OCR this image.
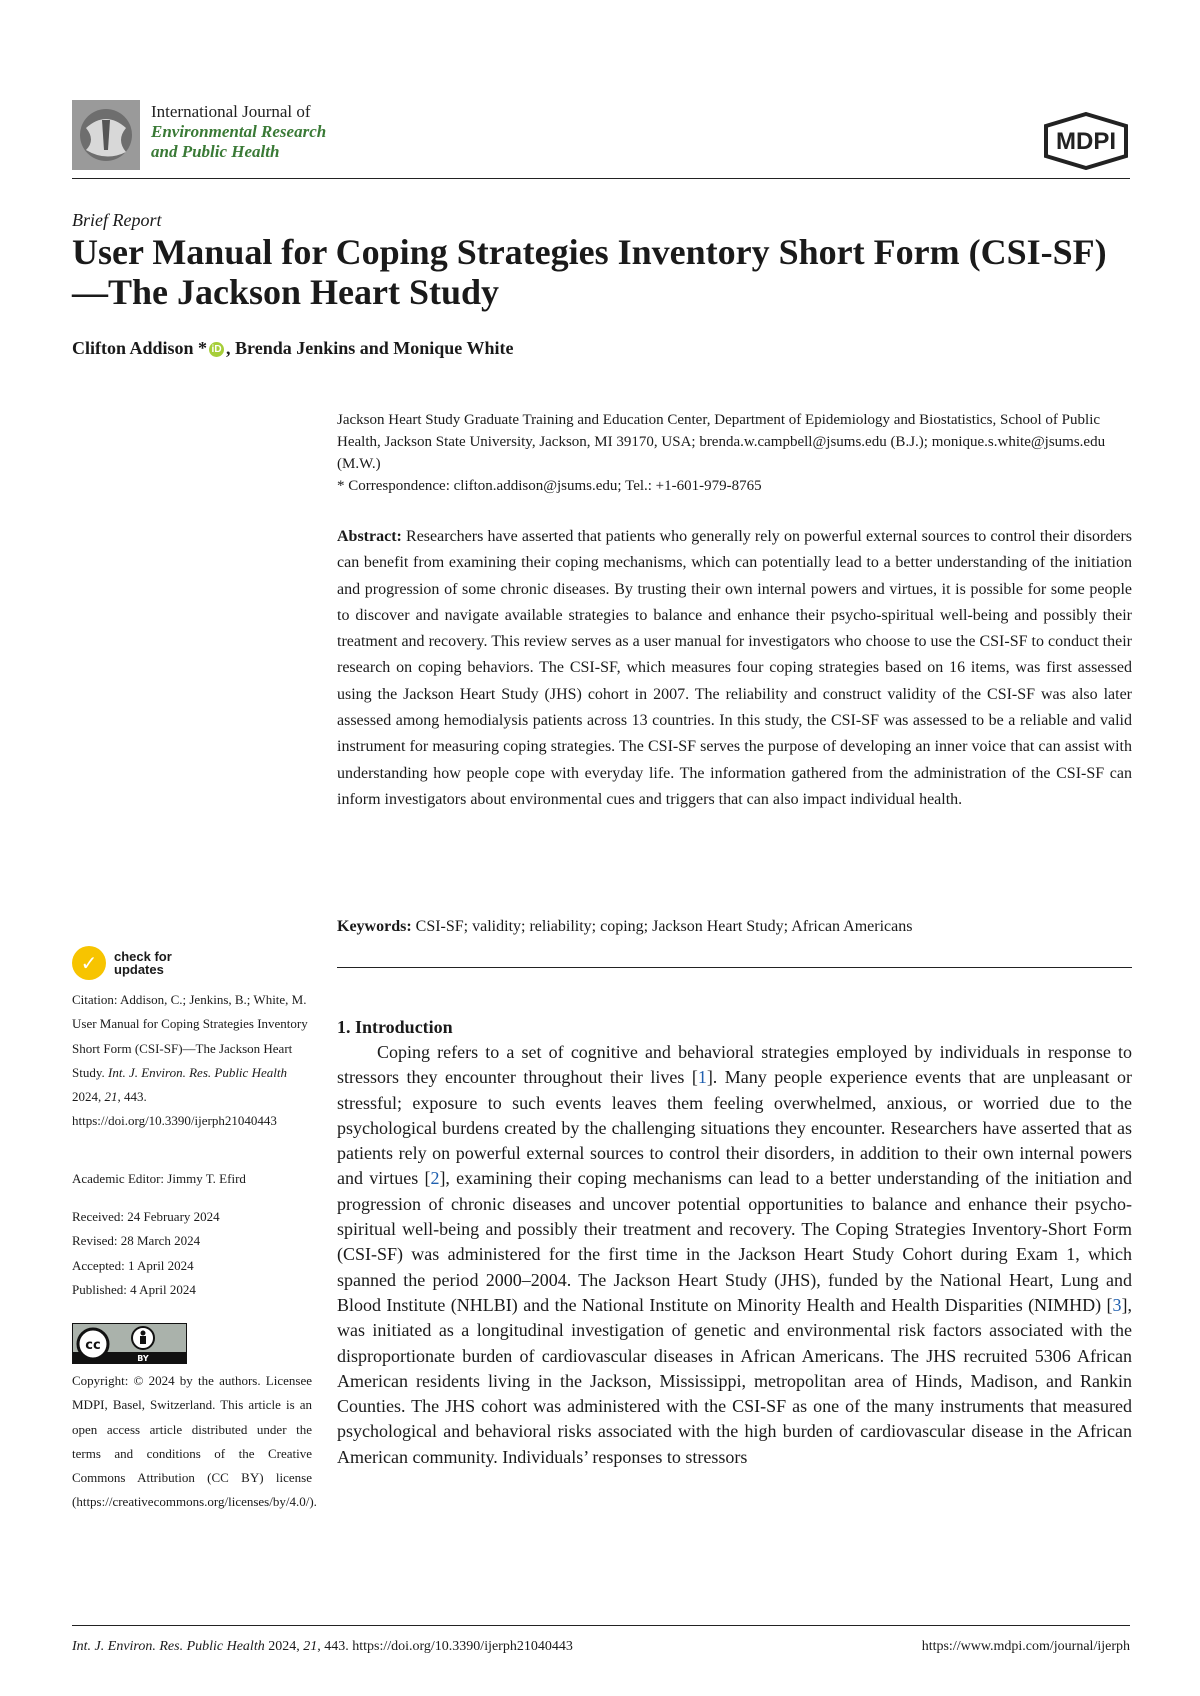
International Journal of
Environmental Research
and Public Health	MDPI
Brief Report
User Manual for Coping Strategies Inventory Short Form (CSI-SF)—The Jackson Heart Study
Clifton Addison * iD , Brenda Jenkins and Monique White
Jackson Heart Study Graduate Training and Education Center, Department of Epidemiology and Biostatistics, School of Public Health, Jackson State University, Jackson, MI 39170, USA; brenda.w.campbell@jsums.edu (B.J.); monique.s.white@jsums.edu (M.W.)
* Correspondence: clifton.addison@jsums.edu; Tel.: +1-601-979-8765
Abstract: Researchers have asserted that patients who generally rely on powerful external sources to control their disorders can benefit from examining their coping mechanisms, which can potentially lead to a better understanding of the initiation and progression of some chronic diseases. By trusting their own internal powers and virtues, it is possible for some people to discover and navigate available strategies to balance and enhance their psycho-spiritual well-being and possibly their treatment and recovery. This review serves as a user manual for investigators who choose to use the CSI-SF to conduct their research on coping behaviors. The CSI-SF, which measures four coping strategies based on 16 items, was first assessed using the Jackson Heart Study (JHS) cohort in 2007. The reliability and construct validity of the CSI-SF was also later assessed among hemodialysis patients across 13 countries. In this study, the CSI-SF was assessed to be a reliable and valid instrument for measuring coping strategies. The CSI-SF serves the purpose of developing an inner voice that can assist with understanding how people cope with everyday life. The information gathered from the administration of the CSI-SF can inform investigators about environmental cues and triggers that can also impact individual health.
Keywords: CSI-SF; validity; reliability; coping; Jackson Heart Study; African Americans
1. Introduction
Coping refers to a set of cognitive and behavioral strategies employed by individuals in response to stressors they encounter throughout their lives [1]. Many people experience events that are unpleasant or stressful; exposure to such events leaves them feeling overwhelmed, anxious, or worried due to the psychological burdens created by the challenging situations they encounter. Researchers have asserted that as patients rely on powerful external sources to control their disorders, in addition to their own internal powers and virtues [2], examining their coping mechanisms can lead to a better understanding of the initiation and progression of chronic diseases and uncover potential opportunities to balance and enhance their psycho-spiritual well-being and possibly their treatment and recovery. The Coping Strategies Inventory-Short Form (CSI-SF) was administered for the first time in the Jackson Heart Study Cohort during Exam 1, which spanned the period 2000–2004. The Jackson Heart Study (JHS), funded by the National Heart, Lung and Blood Institute (NHLBI) and the National Institute on Minority Health and Health Disparities (NIMHD) [3], was initiated as a longitudinal investigation of genetic and environmental risk factors associated with the disproportionate burden of cardiovascular diseases in African Americans. The JHS recruited 5306 African American residents living in the Jackson, Mississippi, metropolitan area of Hinds, Madison, and Rankin Counties. The JHS cohort was administered with the CSI-SF as one of the many instruments that measured psychological and behavioral risks associated with the high burden of cardiovascular disease in the African American community. Individuals’ responses to stressors
✓ check for
updates
Citation: Addison, C.; Jenkins, B.; White, M. User Manual for Coping Strategies Inventory Short Form (CSI-SF)—The Jackson Heart Study. Int. J. Environ. Res. Public Health 2024, 21, 443. https://doi.org/10.3390/ijerph21040443
Academic Editor: Jimmy T. Efird
Received: 24 February 2024
Revised: 28 March 2024
Accepted: 1 April 2024
Published: 4 April 2024
cc
BY
Copyright: © 2024 by the authors. Licensee MDPI, Basel, Switzerland. This article is an open access article distributed under the terms and conditions of the Creative Commons Attribution (CC BY) license (https://creativecommons.org/licenses/by/4.0/).
Int. J. Environ. Res. Public Health 2024, 21, 443. https://doi.org/10.3390/ijerph21040443	https://www.mdpi.com/journal/ijerph
